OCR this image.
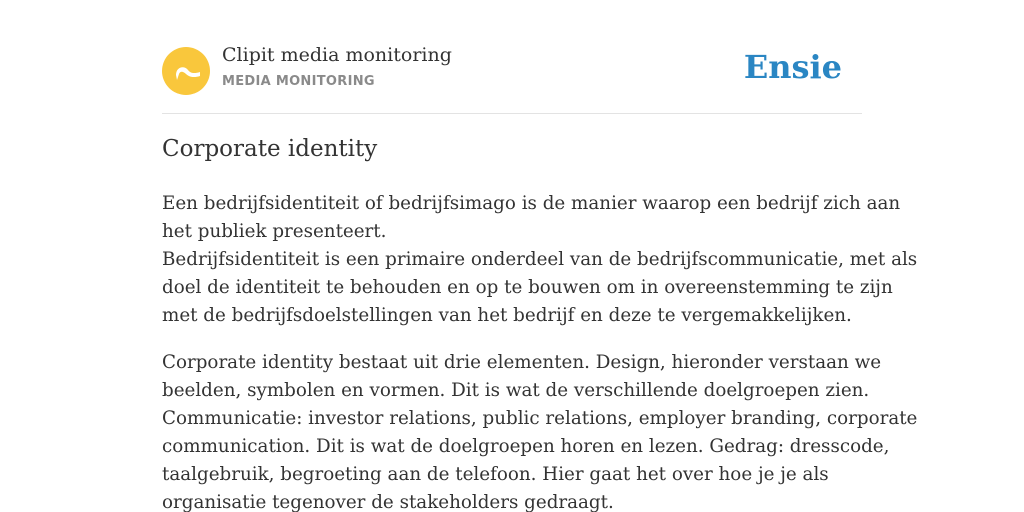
Clipit media monitoring
MEDIA MONITORING	Ensie
Corporate identity

Een bedrijfsidentiteit of bedrijfsimago is de manier waarop een bedrijf zich aan
het publiek presenteert.
Bedrijfsidentiteit is een primaire onderdeel van de bedrijfscommunicatie, met als
doel de identiteit te behouden en op te bouwen om in overeenstemming te zijn
met de bedrijfsdoelstellingen van het bedrijf en deze te vergemakkelijken.

Corporate identity bestaat uit drie elementen. Design, hieronder verstaan we
beelden, symbolen en vormen. Dit is wat de verschillende doelgroepen zien.
Communicatie: investor relations, public relations, employer branding, corporate
communication. Dit is wat de doelgroepen horen en lezen. Gedrag: dresscode,
taalgebruik, begroeting aan de telefoon. Hier gaat het over hoe je je als
organisatie tegenover de stakeholders gedraagt.
